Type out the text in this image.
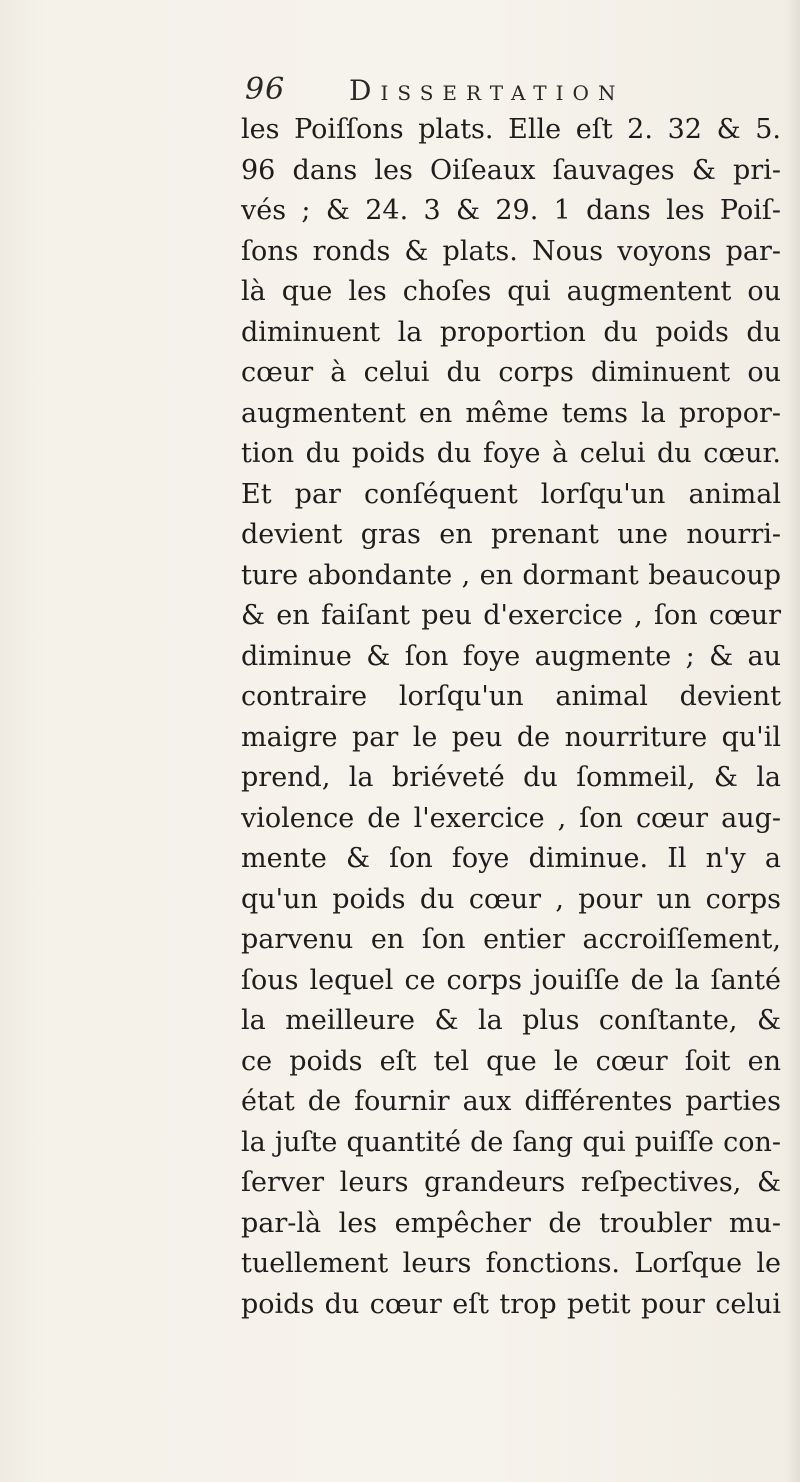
96 Dissertation
les Poiſſons plats. Elle eſt 2. 32 & 5.
96 dans les Oiſeaux ſauvages & pri-
vés ; & 24. 3 & 29. 1 dans les Poiſ-
ſons ronds & plats. Nous voyons par-
là que les choſes qui augmentent ou
diminuent la proportion du poids du
cœur à celui du corps diminuent ou
augmentent en même tems la propor-
tion du poids du foye à celui du cœur.
Et par conſéquent lorſqu'un animal
devient gras en prenant une nourri-
ture abondante , en dormant beaucoup
& en faiſant peu d'exercice , ſon cœur
diminue & ſon foye augmente ; & au
contraire lorſqu'un animal devient
maigre par le peu de nourriture qu'il
prend, la briéveté du ſommeil, & la
violence de l'exercice , ſon cœur aug-
mente & ſon foye diminue. Il n'y a
qu'un poids du cœur , pour un corps
parvenu en ſon entier accroiſſement,
ſous lequel ce corps jouiſſe de la ſanté
la meilleure & la plus conſtante, &
ce poids eſt tel que le cœur ſoit en
état de fournir aux différentes parties
la juſte quantité de ſang qui puiſſe con-
ſerver leurs grandeurs reſpectives, &
par-là les empêcher de troubler mu-
tuellement leurs fonctions. Lorſque le
poids du cœur eſt trop petit pour celui
